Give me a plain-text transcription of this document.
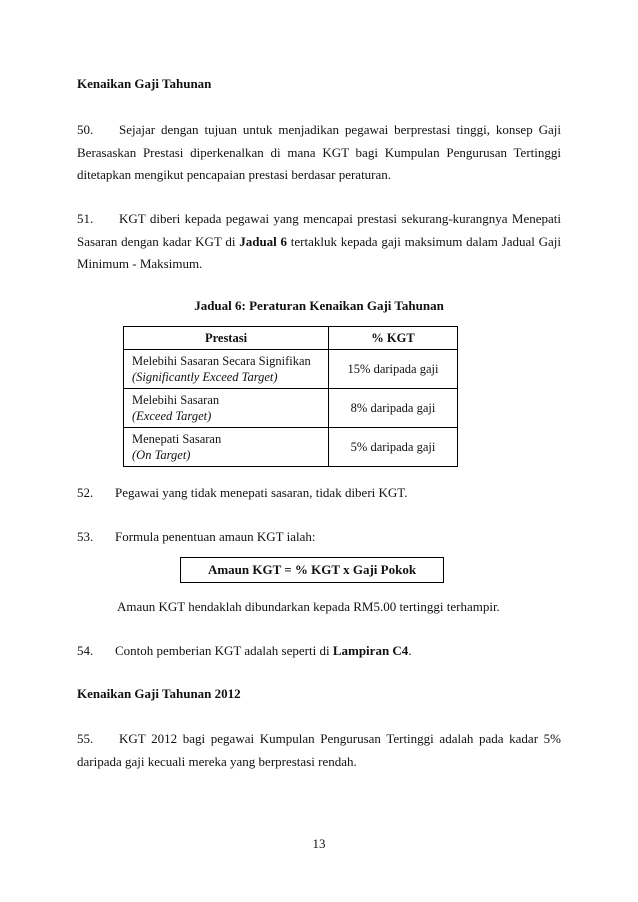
Kenaikan Gaji Tahunan
50. Sejajar dengan tujuan untuk menjadikan pegawai berprestasi tinggi, konsep Gaji Berasaskan Prestasi diperkenalkan di mana KGT bagi Kumpulan Pengurusan Tertinggi ditetapkan mengikut pencapaian prestasi berdasar peraturan.
51. KGT diberi kepada pegawai yang mencapai prestasi sekurang-kurangnya Menepati Sasaran dengan kadar KGT di Jadual 6 tertakluk kepada gaji maksimum dalam Jadual Gaji Minimum - Maksimum.
Jadual 6: Peraturan Kenaikan Gaji Tahunan
Prestasi	% KGT
Melebihi Sasaran Secara Signifikan
(Significantly Exceed Target)	15% daripada gaji
Melebihi Sasaran
(Exceed Target)	8% daripada gaji
Menepati Sasaran
(On Target)	5% daripada gaji
52. Pegawai yang tidak menepati sasaran, tidak diberi KGT.
53. Formula penentuan amaun KGT ialah:
Amaun KGT = % KGT x Gaji Pokok
Amaun KGT hendaklah dibundarkan kepada RM5.00 tertinggi terhampir.
54. Contoh pemberian KGT adalah seperti di Lampiran C4.
Kenaikan Gaji Tahunan 2012
55. KGT 2012 bagi pegawai Kumpulan Pengurusan Tertinggi adalah pada kadar 5% daripada gaji kecuali mereka yang berprestasi rendah.
13
